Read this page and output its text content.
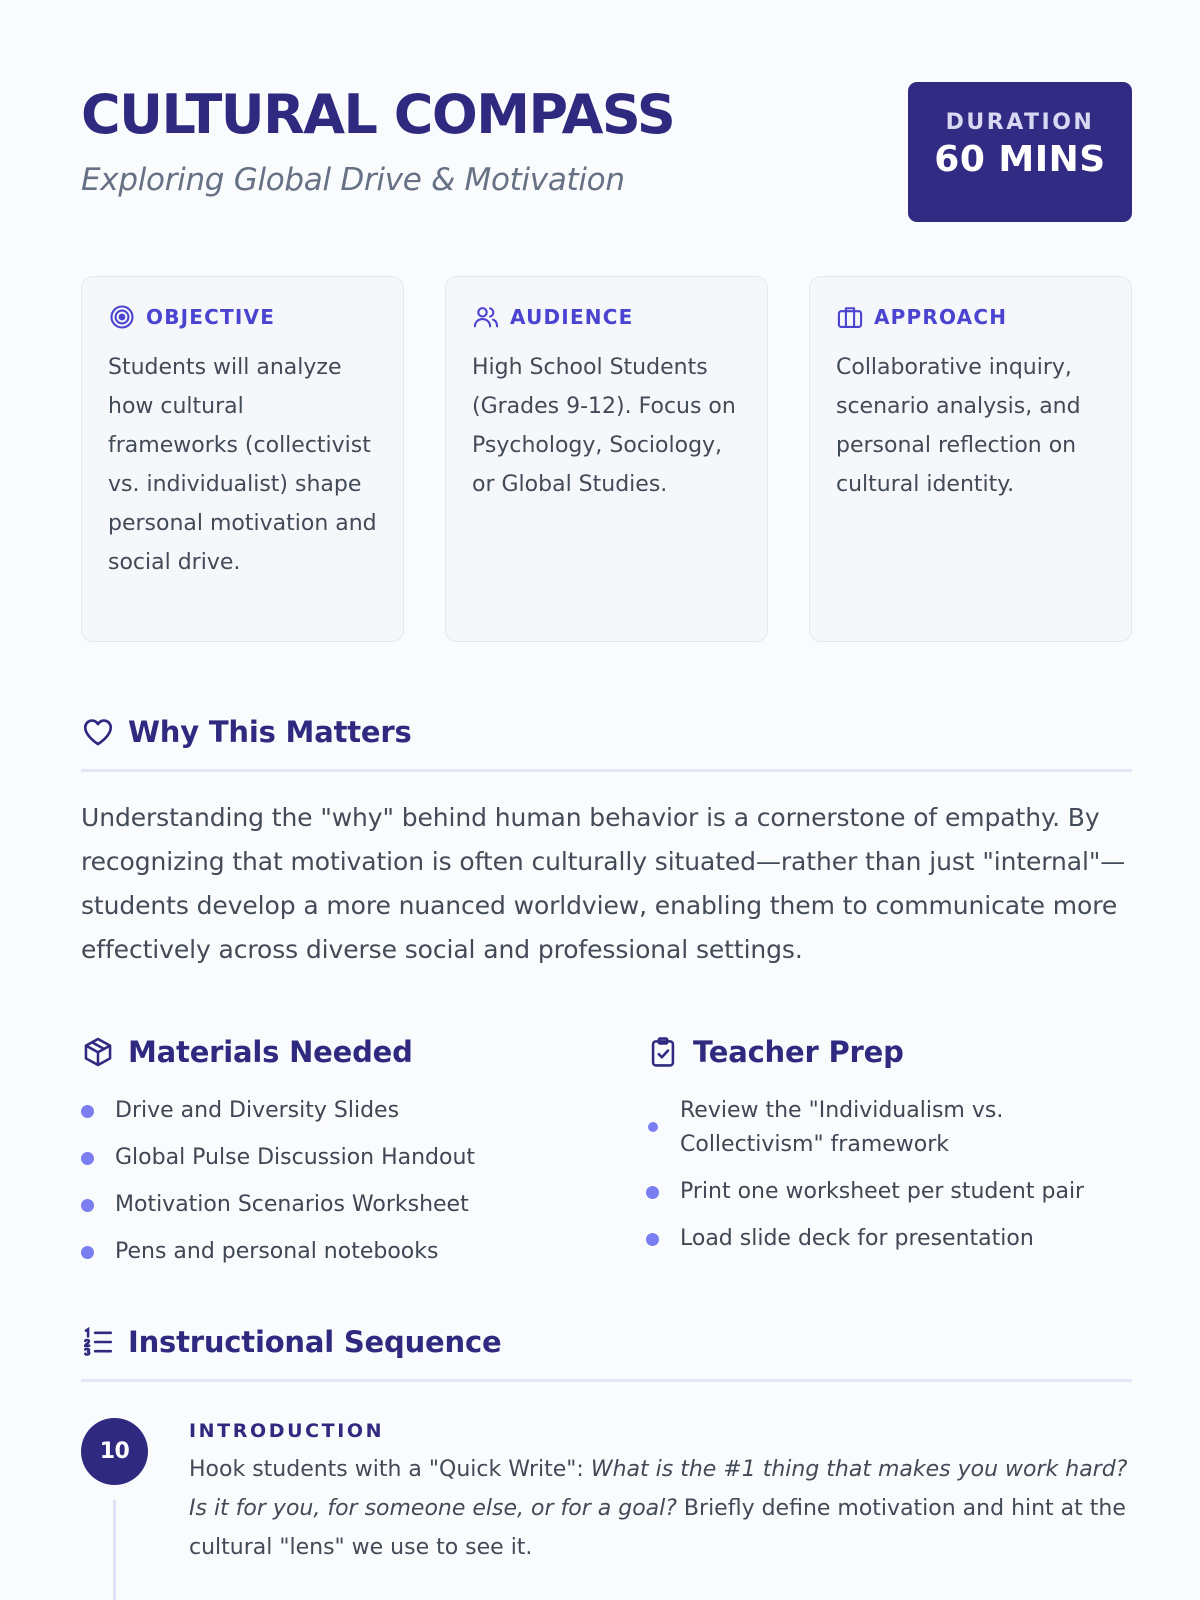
CULTURAL COMPASS
Exploring Global Drive & Motivation
DURATION
60 MINS
OBJECTIVE

Students will analyze how cultural frameworks (collectivist vs. individualist) shape personal motivation and social drive.

AUDIENCE

High School Students (Grades 9-12). Focus on Psychology, Sociology, or Global Studies.

APPROACH

Collaborative inquiry, scenario analysis, and personal reflection on cultural identity.

Why This Matters

Understanding the "why" behind human behavior is a cornerstone of empathy. By recognizing that motivation is often culturally situated—rather than just "internal"—students develop a more nuanced worldview, enabling them to communicate more effectively across diverse social and professional settings.

Materials Needed
Drive and Diversity Slides
Global Pulse Discussion Handout
Motivation Scenarios Worksheet
Pens and personal notebooks
Teacher Prep
Review the "Individualism vs. Collectivism" framework
Print one worksheet per student pair
Load slide deck for presentation
Instructional Sequence
10
INTRODUCTION
Hook students with a "Quick Write": What is the #1 thing that makes you work hard? Is it for you, for someone else, or for a goal? Briefly define motivation and hint at the cultural "lens" we use to see it.
